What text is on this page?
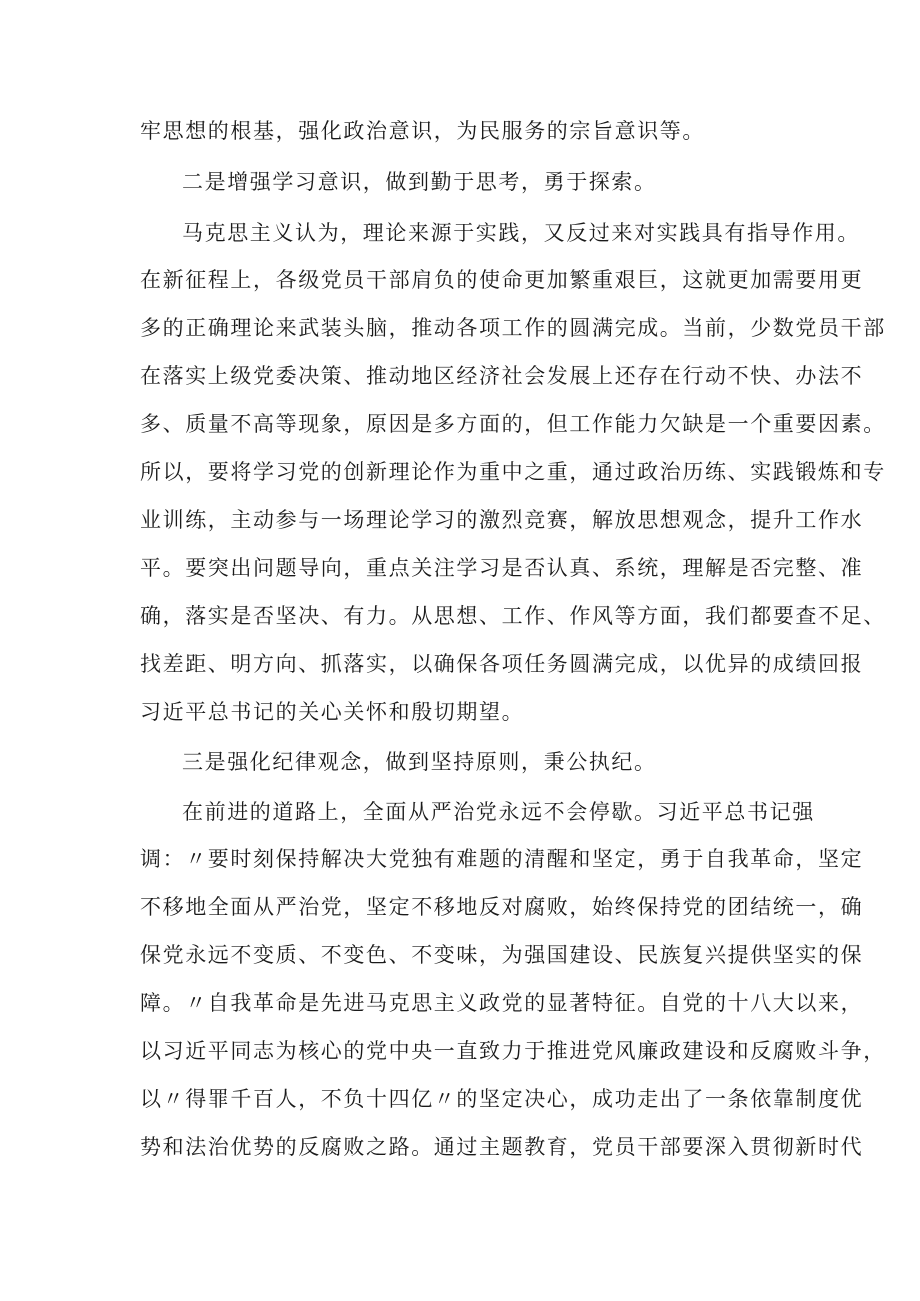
牢思想的根基，强化政治意识，为民服务的宗旨意识等。
二是增强学习意识，做到勤于思考，勇于探索。
马克思主义认为，理论来源于实践，又反过来对实践具有指导作用。
在新征程上，各级党员干部肩负的使命更加繁重艰巨，这就更加需要用更
多的正确理论来武装头脑，推动各项工作的圆满完成。当前，少数党员干部
在落实上级党委决策、推动地区经济社会发展上还存在行动不快、办法不
多、质量不高等现象，原因是多方面的，但工作能力欠缺是一个重要因素。
所以，要将学习党的创新理论作为重中之重，通过政治历练、实践锻炼和专
业训练，主动参与一场理论学习的激烈竞赛，解放思想观念，提升工作水
平。要突出问题导向，重点关注学习是否认真、系统，理解是否完整、准
确，落实是否坚决、有力。从思想、工作、作风等方面，我们都要查不足、
找差距、明方向、抓落实，以确保各项任务圆满完成，以优异的成绩回报
习近平总书记的关心关怀和殷切期望。
三是强化纪律观念，做到坚持原则，秉公执纪。
在前进的道路上，全面从严治党永远不会停歇。习近平总书记强
调：〃要时刻保持解决大党独有难题的清醒和坚定，勇于自我革命，坚定
不移地全面从严治党，坚定不移地反对腐败，始终保持党的团结统一，确
保党永远不变质、不变色、不变味，为强国建设、民族复兴提供坚实的保
障。〃自我革命是先进马克思主义政党的显著特征。自党的十八大以来，
以习近平同志为核心的党中央一直致力于推进党风廉政建设和反腐败斗争，
以〃得罪千百人，不负十四亿〃的坚定决心，成功走出了一条依靠制度优
势和法治优势的反腐败之路。通过主题教育，党员干部要深入贯彻新时代
